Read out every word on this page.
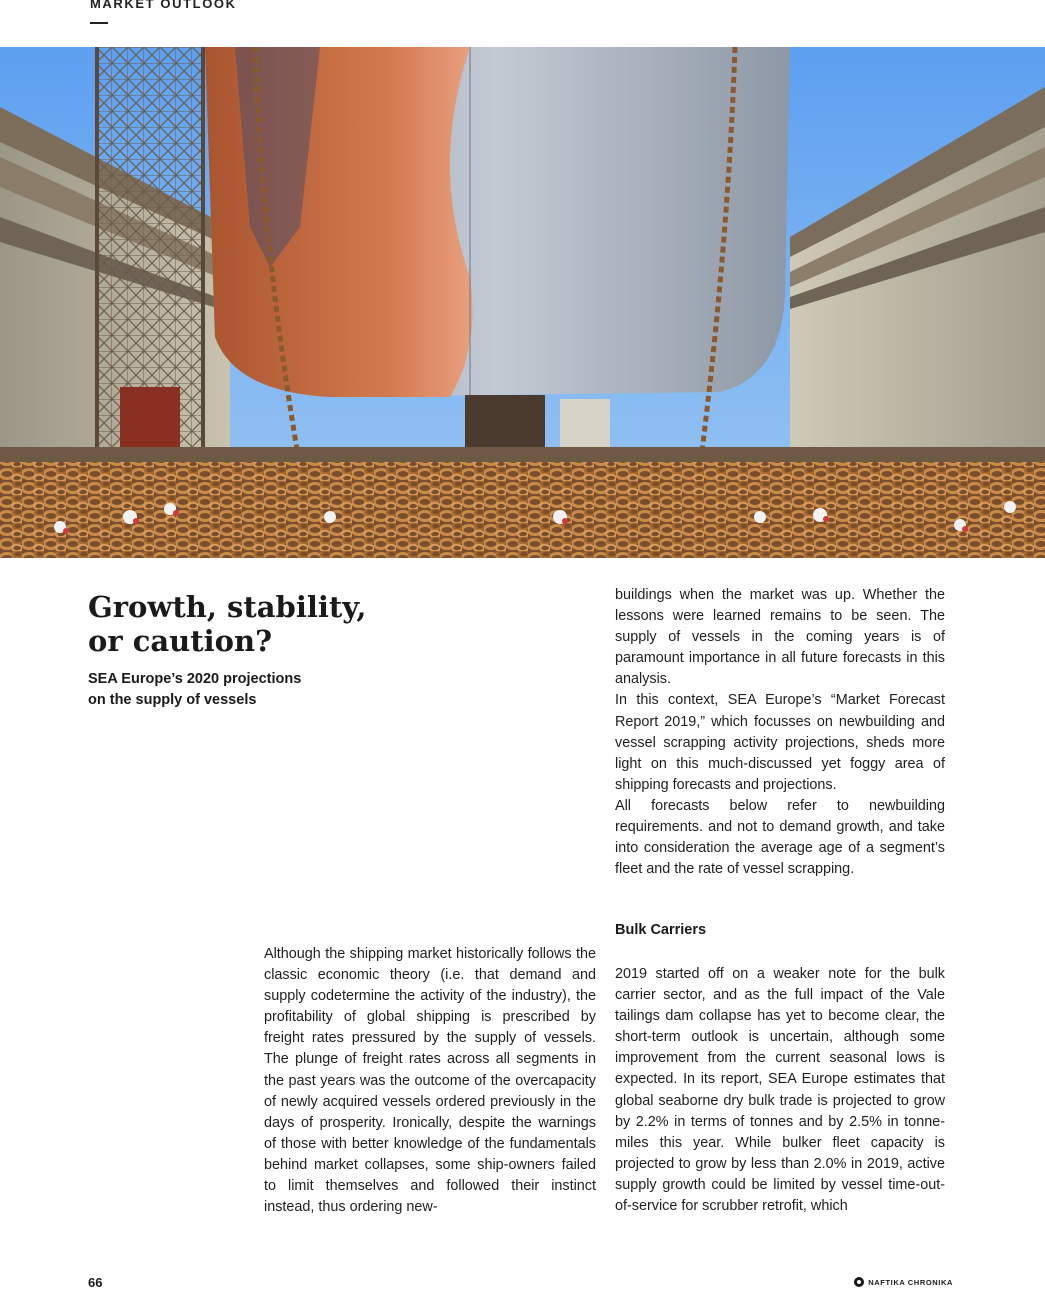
MARKET OUTLOOK
Growth, stability,
or caution?
SEA Europe’s 2020 projections
on the supply of vessels

buildings when the market was up. Whether the lessons were learned remains to be seen. The supply of vessels in the coming years is of paramount importance in all future forecasts in this analysis.

In this context, SEA Europe’s “Market Forecast Report 2019,” which focusses on newbuilding and vessel scrapping activity projections, sheds more light on this much-discussed yet foggy area of shipping forecasts and projections.

All forecasts below refer to newbuilding requirements. and not to demand growth, and take into consideration the average age of a segment’s fleet and the rate of vessel scrapping.

Although the shipping market historically follows the classic economic theory (i.e. that demand and supply codetermine the activity of the industry), the profitability of global shipping is prescribed by freight rates pressured by the supply of vessels. The plunge of freight rates across all segments in the past years was the outcome of the overcapacity of newly acquired vessels ordered previously in the days of prosperity. Ironically, despite the warnings of those with better knowledge of the fundamentals behind market collapses, some ship-owners failed to limit themselves and followed their instinct instead, thus ordering new-

Bulk Carriers

2019 started off on a weaker note for the bulk carrier sector, and as the full impact of the Vale tailings dam collapse has yet to become clear, the short-term outlook is uncertain, although some improvement from the current seasonal lows is expected. In its report, SEA Europe estimates that global seaborne dry bulk trade is projected to grow by 2.2% in terms of tonnes and by 2.5% in tonne-miles this year. While bulker fleet capacity is projected to grow by less than 2.0% in 2019, active supply growth could be limited by vessel time-out-of-service for scrubber retrofit, which

66	NAFTIKA CHRONIKA
